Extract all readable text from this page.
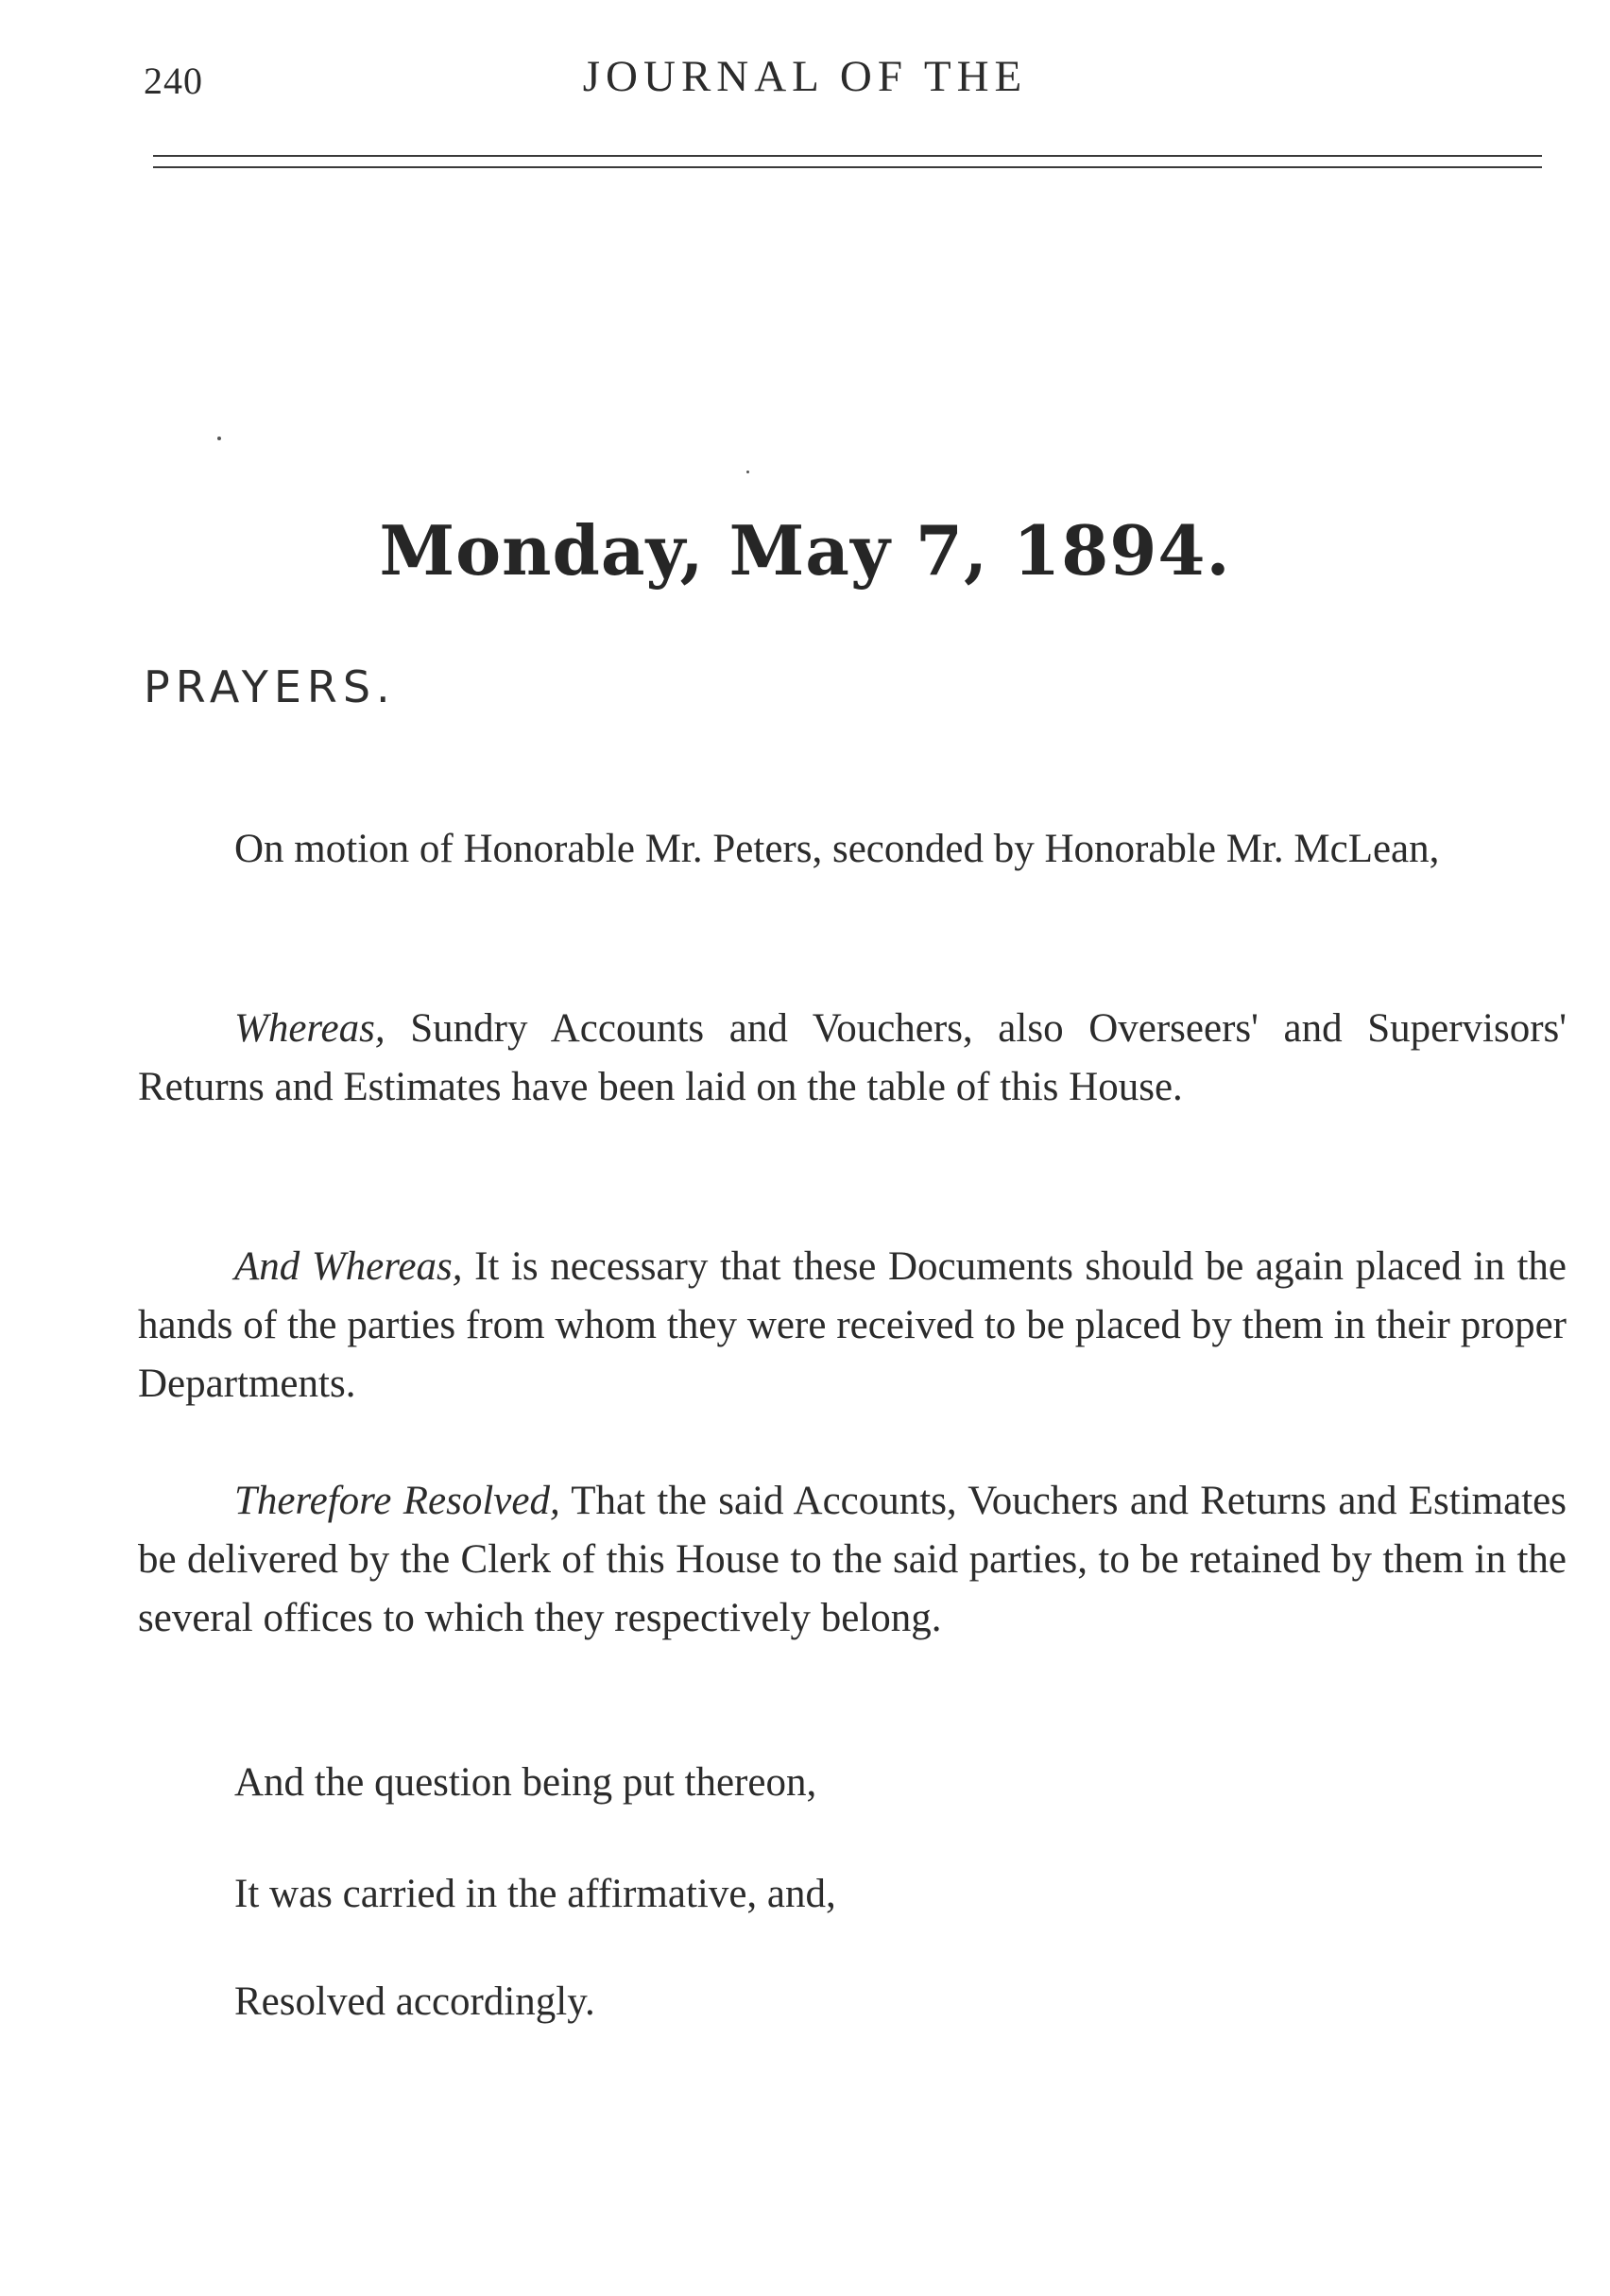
240	JOURNAL OF THE
Monday, May 7, 1894.
PRAYERS.

On motion of Honorable Mr. Peters, seconded by Honorable Mr. McLean,

Whereas, Sundry Accounts and Vouchers, also Overseers' and Supervisors' Returns and Estimates have been laid on the table of this House.

And Whereas, It is necessary that these Documents should be again placed in the hands of the parties from whom they were received to be placed by them in their proper Departments.

Therefore Resolved, That the said Accounts, Vouchers and Returns and Estimates be delivered by the Clerk of this House to the said parties, to be retained by them in the several offices to which they respectively belong.

And the question being put thereon,

It was carried in the affirmative, and,

Resolved accordingly.
